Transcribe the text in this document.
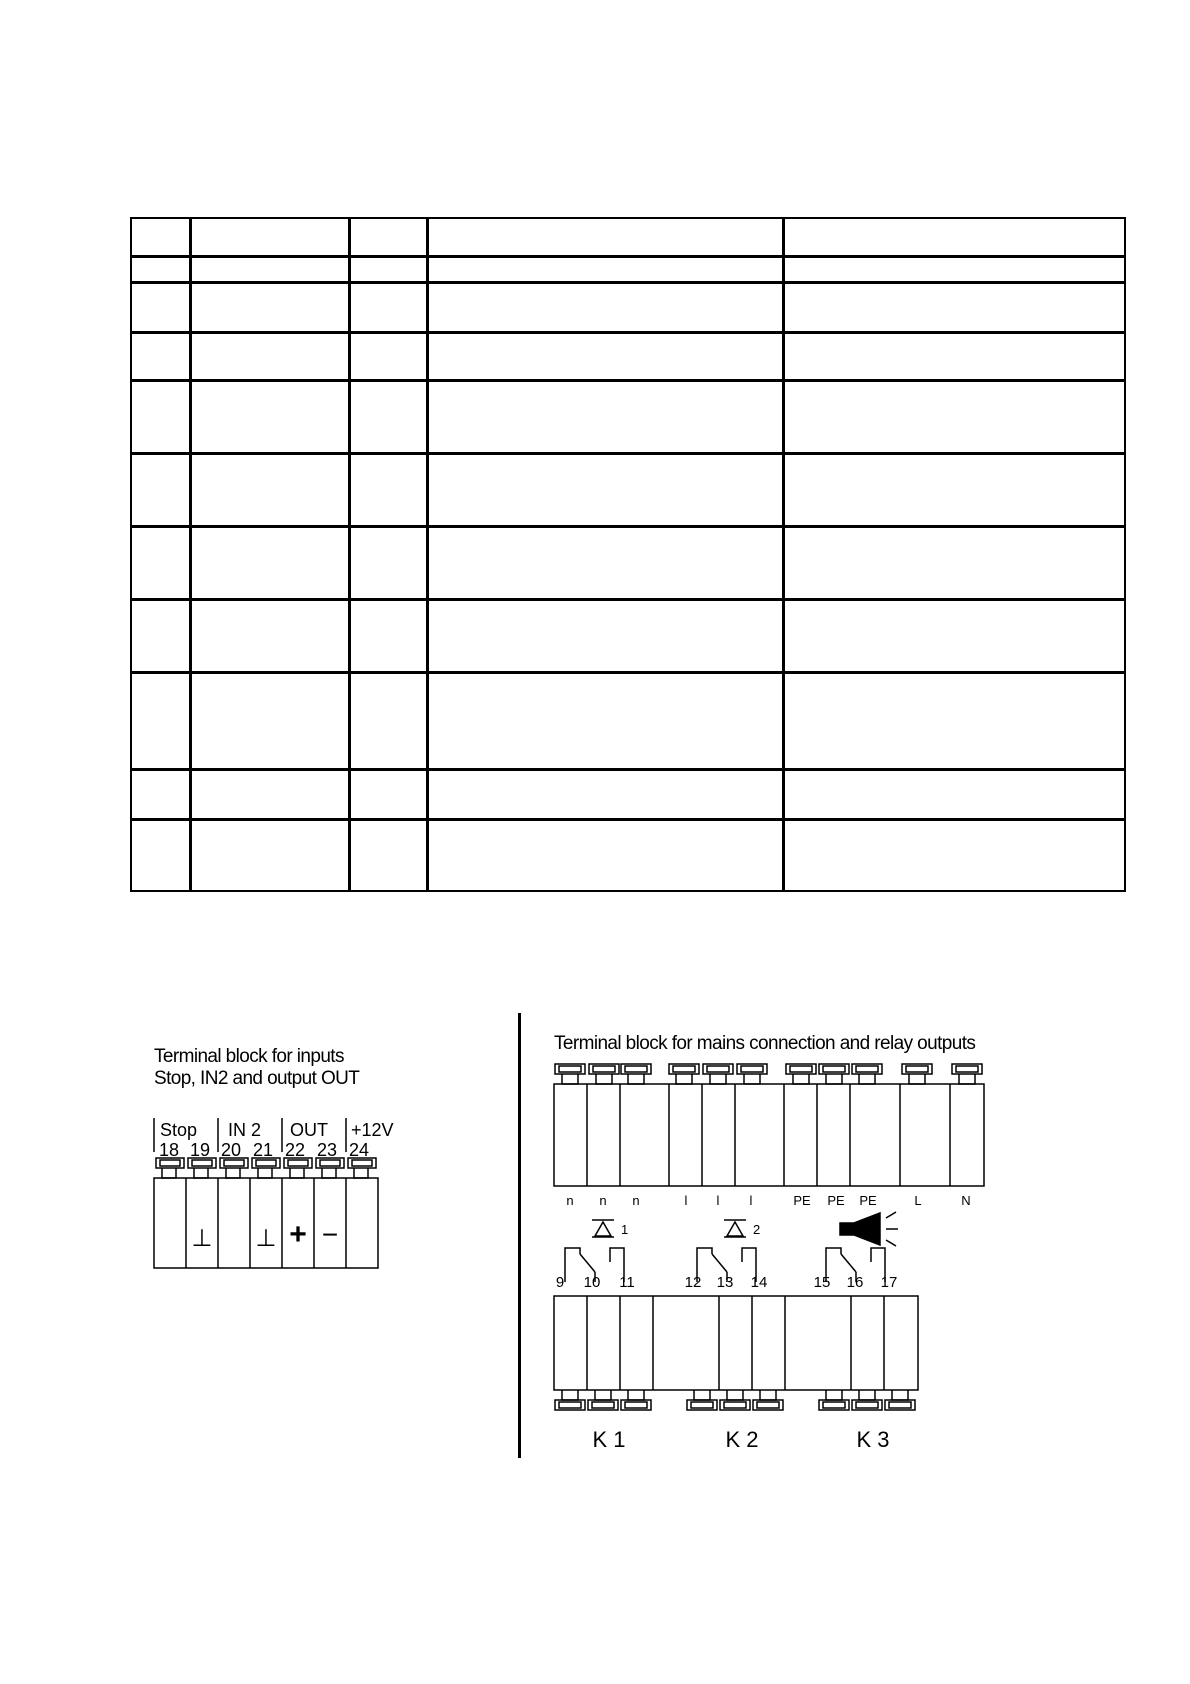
Terminal block for inputs
Stop, IN2 and output OUT
Terminal block for mains connection and relay outputs
Stop IN 2 OUT +12V
18 19 20 21 22 23 24
⊥ ⊥ + −
n n n	l l l	PE PE PE	L	N
1	2
9 10 11	12 13 14	15 16 17
K 1	K 2	K 3
